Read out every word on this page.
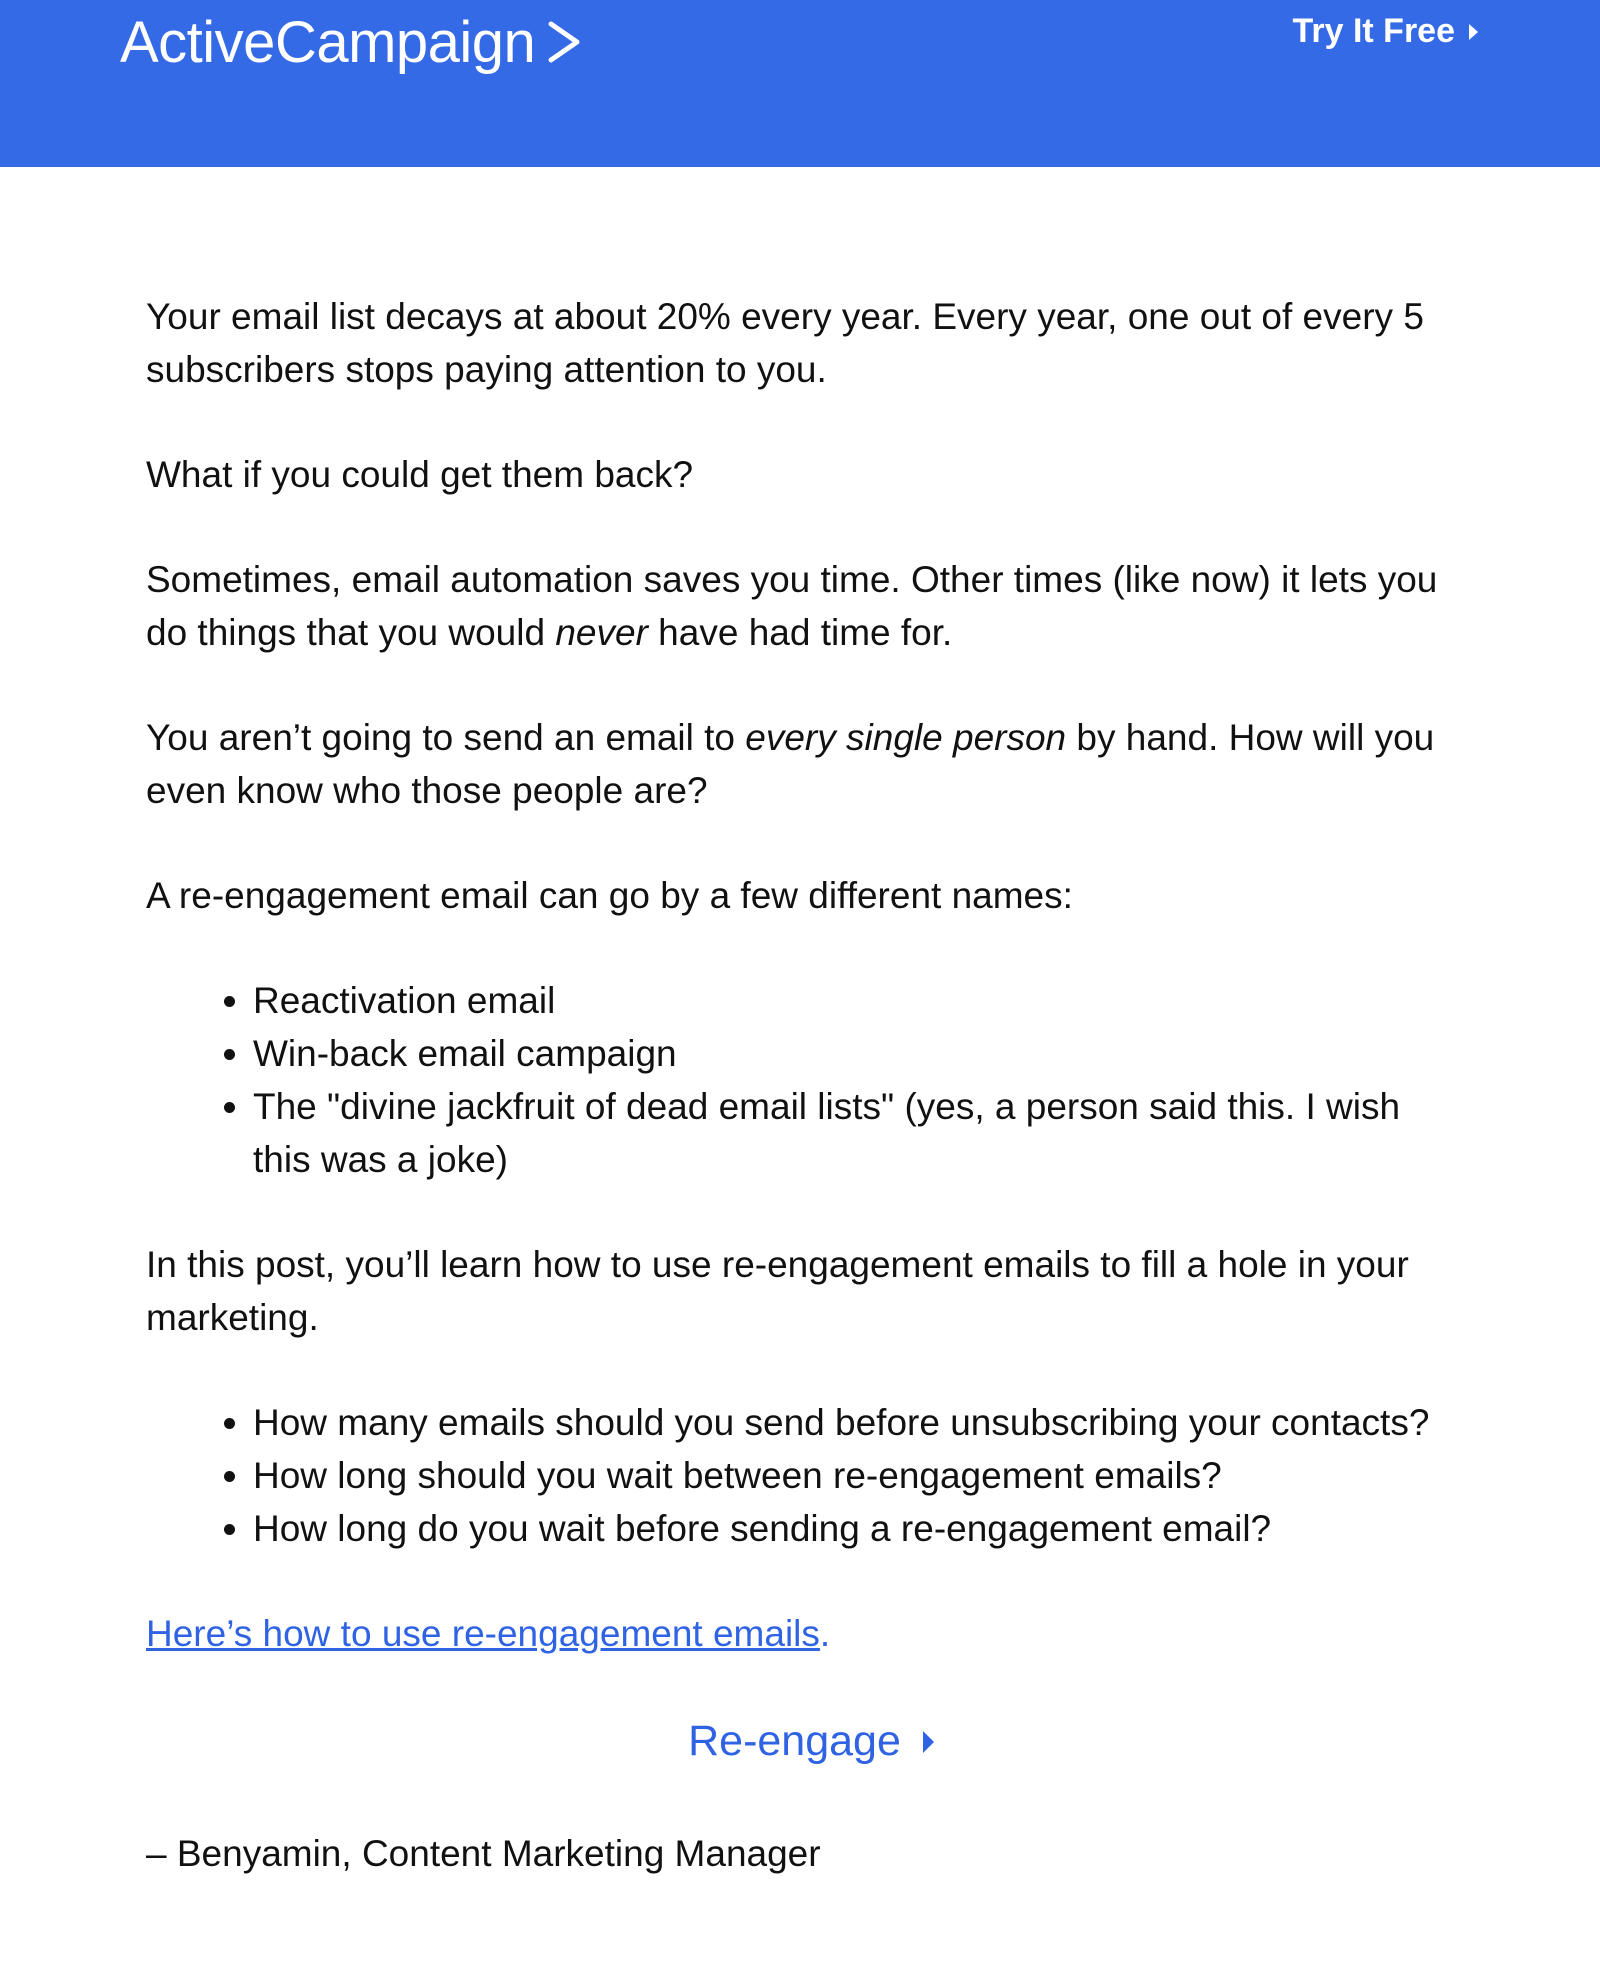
ActiveCampaign	Try It Free

Your email list decays at about 20% every year. Every year, one out of every 5 subscribers stops paying attention to you.

What if you could get them back?

Sometimes, email automation saves you time. Other times (like now) it lets you do things that you would never have had time for.

You aren’t going to send an email to every single person by hand. How will you even know who those people are?

A re-engagement email can go by a few different names:

• Reactivation email
• Win-back email campaign
• The "divine jackfruit of dead email lists" (yes, a person said this. I wish this was a joke)

In this post, you’ll learn how to use re-engagement emails to fill a hole in your marketing.

• How many emails should you send before unsubscribing your contacts?
• How long should you wait between re-engagement emails?
• How long do you wait before sending a re-engagement email?

Here’s how to use re-engagement emails.

Re-engage

– Benyamin, Content Marketing Manager
